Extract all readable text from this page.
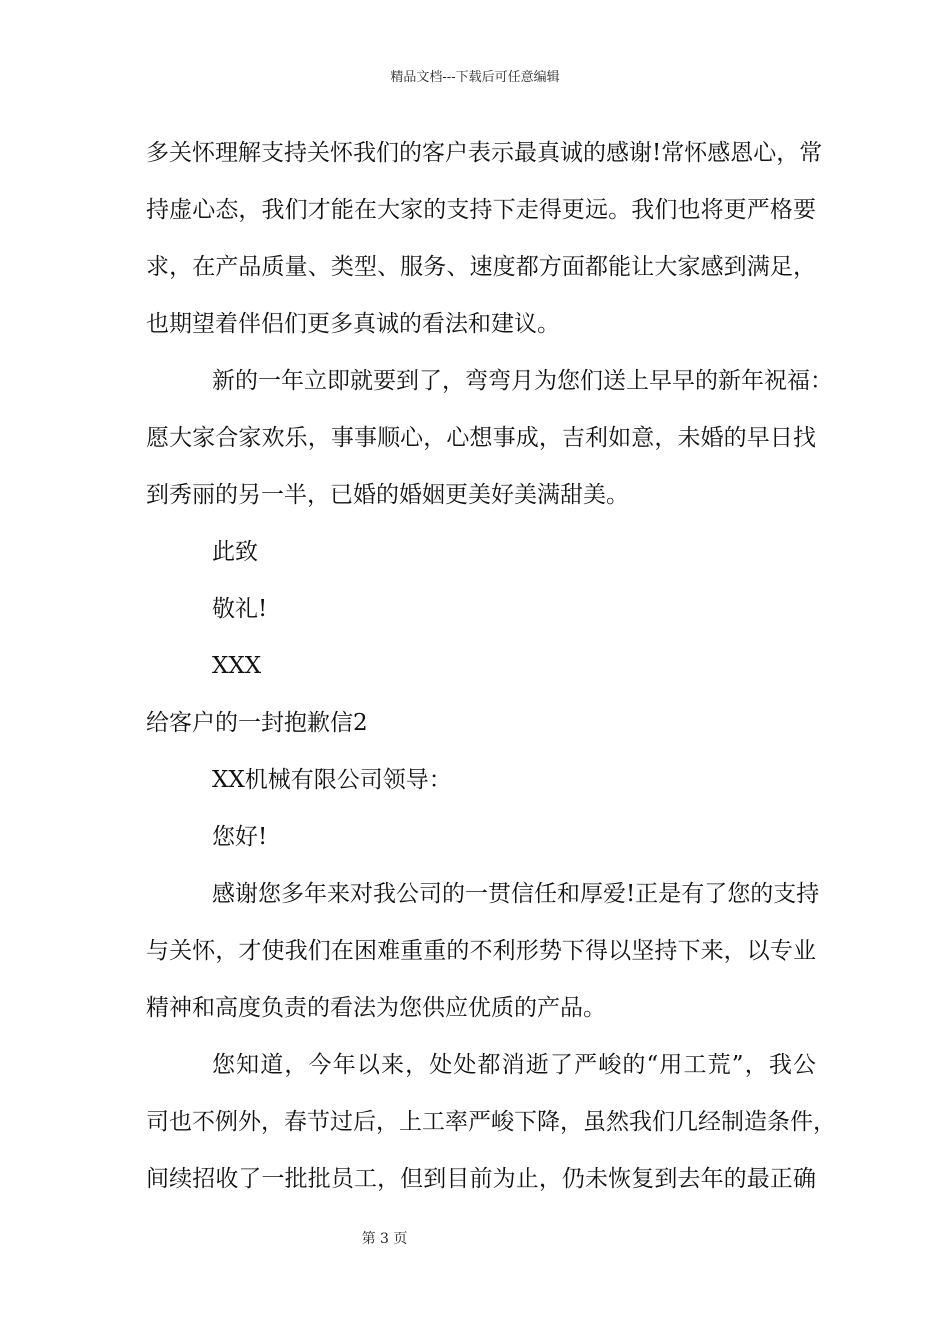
精品文档---下载后可任意编辑
多关怀理解支持关怀我们的客户表示最真诚的感谢!常怀感恩心，常
持虚心态，我们才能在大家的支持下走得更远。我们也将更严格要
求，在产品质量、类型、服务、速度都方面都能让大家感到满足，
也期望着伴侣们更多真诚的看法和建议。
新的一年立即就要到了，弯弯月为您们送上早早的新年祝福：
愿大家合家欢乐，事事顺心，心想事成，吉利如意，未婚的早日找
到秀丽的另一半，已婚的婚姻更美好美满甜美。
此致
敬礼!
XXX
给客户的一封抱歉信2
XX机械有限公司领导：
您好!
感谢您多年来对我公司的一贯信任和厚爱!正是有了您的支持
与关怀，才使我们在困难重重的不利形势下得以坚持下来，以专业
精神和高度负责的看法为您供应优质的产品。
您知道，今年以来，处处都消逝了严峻的“用工荒”，我公
司也不例外，春节过后，上工率严峻下降，虽然我们几经制造条件，
间续招收了一批批员工，但到目前为止，仍未恢复到去年的最正确
第 3 页
